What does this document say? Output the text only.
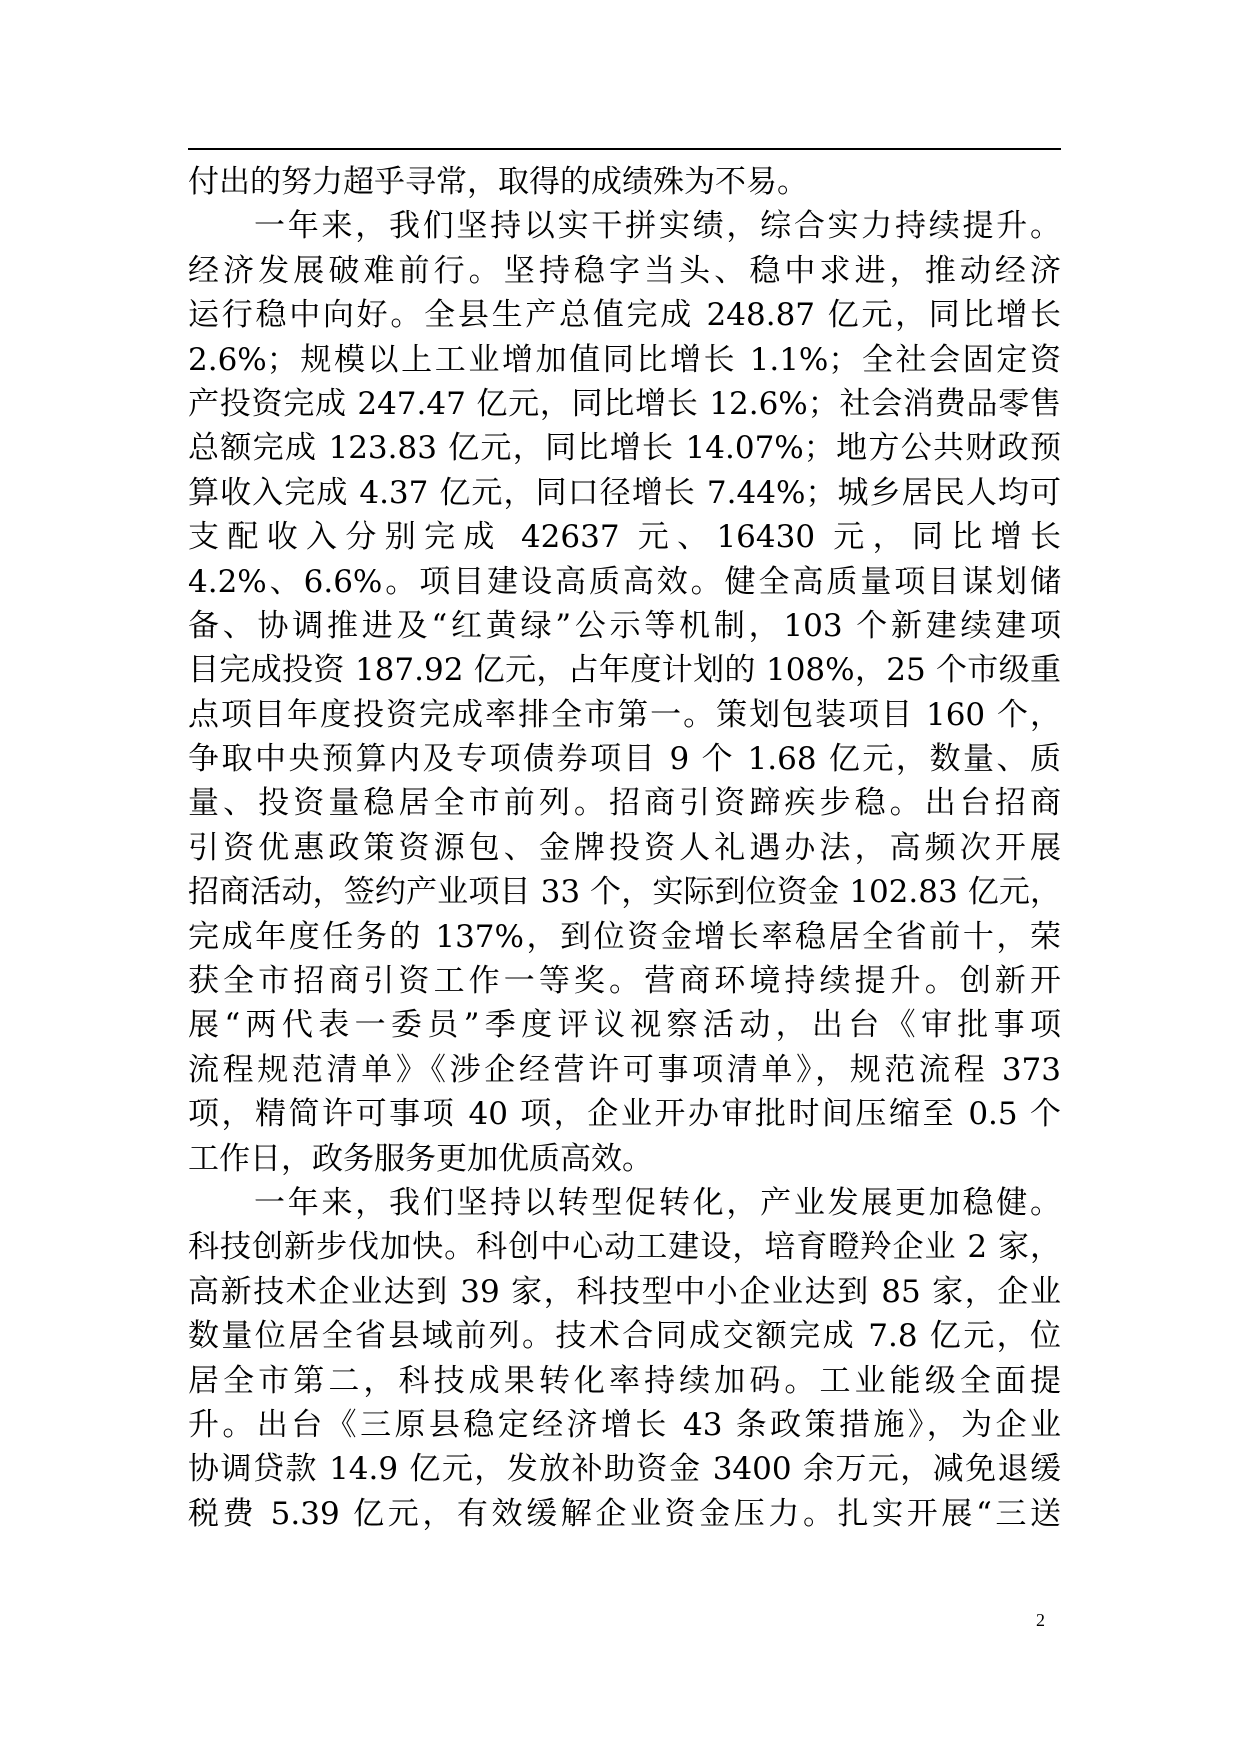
付出的努力超乎寻常，取得的成绩殊为不易。
一年来，我们坚持以实干拼实绩，综合实力持续提升。
经济发展破难前行。坚持稳字当头、稳中求进，推动经济
运行稳中向好。全县生产总值完成 248.87 亿元，同比增长
2.6%；规模以上工业增加值同比增长 1.1%；全社会固定资
产投资完成 247.47 亿元，同比增长 12.6%；社会消费品零售
总额完成 123.83 亿元，同比增长 14.07%；地方公共财政预
算收入完成 4.37 亿元，同口径增长 7.44%；城乡居民人均可
支配收入分别完成 42637 元、16430 元，同比增长
4.2%、6.6%。项目建设高质高效。健全高质量项目谋划储
备、协调推进及“红黄绿”公示等机制，103 个新建续建项
目完成投资 187.92 亿元，占年度计划的 108%，25 个市级重
点项目年度投资完成率排全市第一。策划包装项目 160 个，
争取中央预算内及专项债券项目 9 个 1.68 亿元，数量、质
量、投资量稳居全市前列。招商引资蹄疾步稳。出台招商
引资优惠政策资源包、金牌投资人礼遇办法，高频次开展
招商活动，签约产业项目 33 个，实际到位资金 102.83 亿元，
完成年度任务的 137%，到位资金增长率稳居全省前十，荣
获全市招商引资工作一等奖。营商环境持续提升。创新开
展“两代表一委员”季度评议视察活动，出台《审批事项
流程规范清单》《涉企经营许可事项清单》，规范流程 373
项，精简许可事项 40 项，企业开办审批时间压缩至 0.5 个
工作日，政务服务更加优质高效。
一年来，我们坚持以转型促转化，产业发展更加稳健。
科技创新步伐加快。科创中心动工建设，培育瞪羚企业 2 家，
高新技术企业达到 39 家，科技型中小企业达到 85 家，企业
数量位居全省县域前列。技术合同成交额完成 7.8 亿元，位
居全市第二，科技成果转化率持续加码。工业能级全面提
升。出台《三原县稳定经济增长 43 条政策措施》，为企业
协调贷款 14.9 亿元，发放补助资金 3400 余万元，减免退缓
税费 5.39 亿元，有效缓解企业资金压力。扎实开展“三送
2
